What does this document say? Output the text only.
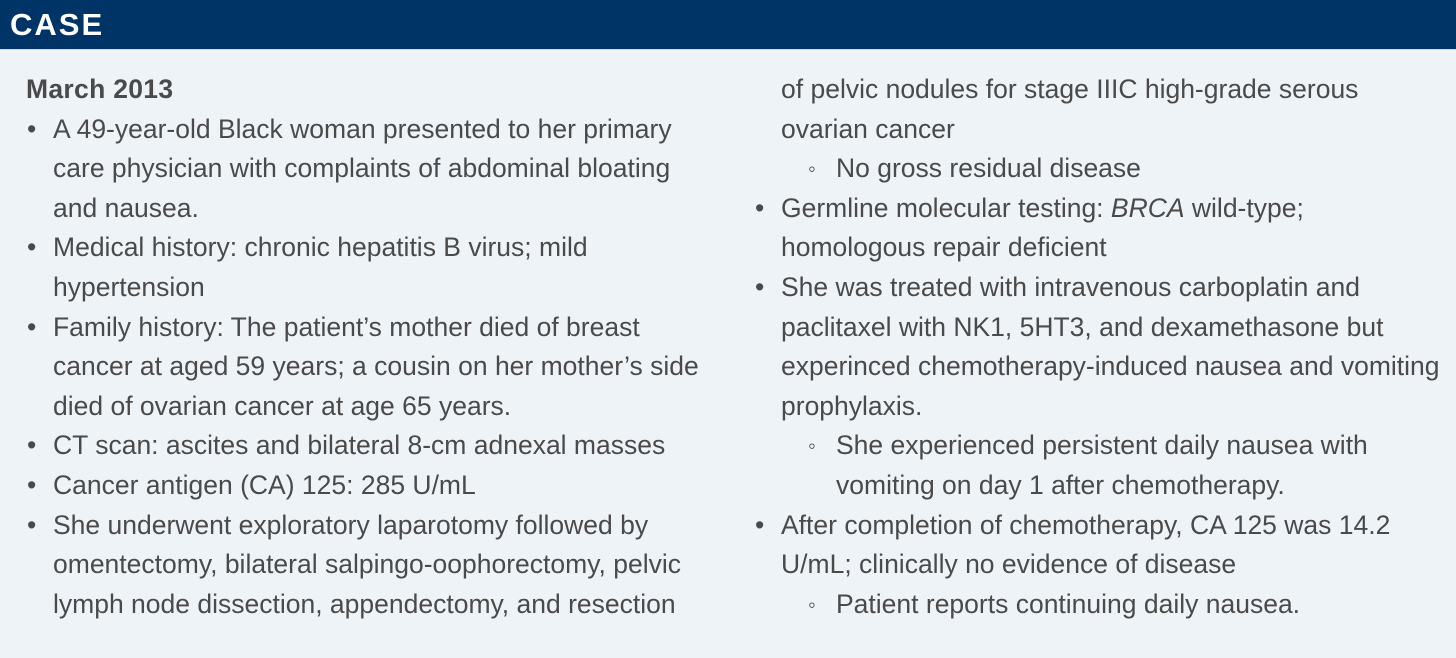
CASE
March 2013
• A 49-year-old Black woman presented to her primary care physician with complaints of abdominal bloating and nausea.
• Medical history: chronic hepatitis B virus; mild hypertension
• Family history: The patient’s mother died of breast cancer at aged 59 years; a cousin on her mother’s side died of ovarian cancer at age 65 years.
• CT scan: ascites and bilateral 8-cm adnexal masses
• Cancer antigen (CA) 125: 285 U/mL
• She underwent exploratory laparotomy followed by omentectomy, bilateral salpingo-oophorectomy, pelvic lymph node dissection, appendectomy, and resection
of pelvic nodules for stage IIIC high-grade serous ovarian cancer
◦ No gross residual disease
• Germline molecular testing: BRCA wild-type; homologous repair deficient
• She was treated with intravenous carboplatin and paclitaxel with NK1, 5HT3, and dexamethasone but experinced chemotherapy-induced nausea and vomiting prophylaxis.
◦ She experienced persistent daily nausea with vomiting on day 1 after chemotherapy.
• After completion of chemotherapy, CA 125 was 14.2 U/mL; clinically no evidence of disease
◦ Patient reports continuing daily nausea.
